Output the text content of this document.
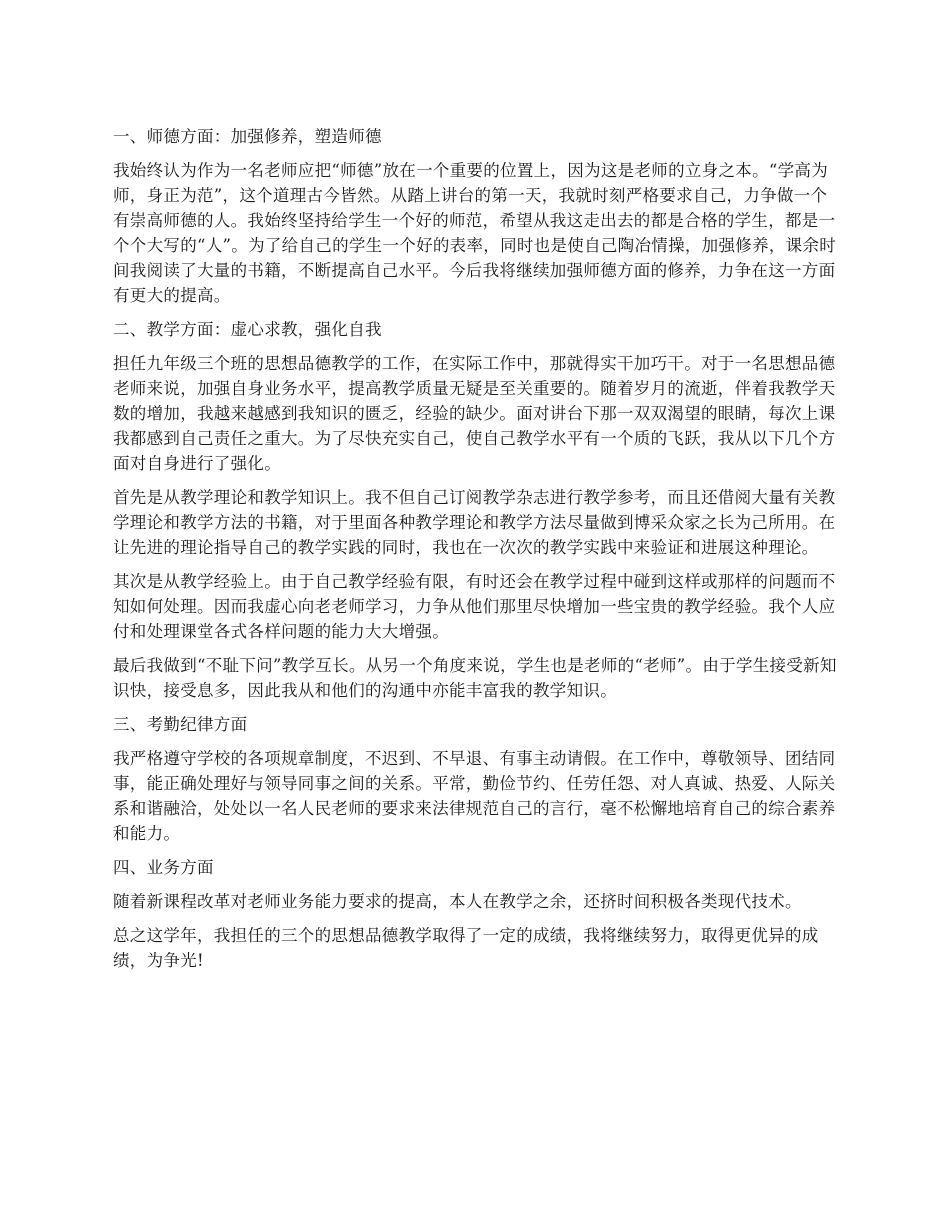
一、师德方面：加强修养，塑造师德
我始终认为作为一名老师应把“师德”放在一个重要的位置上，因为这是老师的立身之本。“学高为师，身正为范”，这个道理古今皆然。从踏上讲台的第一天，我就时刻严格要求自己，力争做一个有崇高师德的人。我始终坚持给学生一个好的师范，希望从我这走出去的都是合格的学生，都是一个个大写的“人”。为了给自己的学生一个好的表率，同时也是使自己陶冶情操，加强修养，课余时间我阅读了大量的书籍，不断提高自己水平。今后我将继续加强师德方面的修养，力争在这一方面有更大的提高。
二、教学方面：虚心求教，强化自我
担任九年级三个班的思想品德教学的工作，在实际工作中，那就得实干加巧干。对于一名思想品德老师来说，加强自身业务水平，提高教学质量无疑是至关重要的。随着岁月的流逝，伴着我教学天数的增加，我越来越感到我知识的匮乏，经验的缺少。面对讲台下那一双双渴望的眼睛，每次上课我都感到自己责任之重大。为了尽快充实自己，使自己教学水平有一个质的飞跃，我从以下几个方面对自身进行了强化。
首先是从教学理论和教学知识上。我不但自己订阅教学杂志进行教学参考，而且还借阅大量有关教学理论和教学方法的书籍，对于里面各种教学理论和教学方法尽量做到博采众家之长为己所用。在让先进的理论指导自己的教学实践的同时，我也在一次次的教学实践中来验证和进展这种理论。
其次是从教学经验上。由于自己教学经验有限，有时还会在教学过程中碰到这样或那样的问题而不知如何处理。因而我虚心向老老师学习，力争从他们那里尽快增加一些宝贵的教学经验。我个人应付和处理课堂各式各样问题的能力大大增强。
最后我做到“不耻下问”教学互长。从另一个角度来说，学生也是老师的“老师”。由于学生接受新知识快，接受息多，因此我从和他们的沟通中亦能丰富我的教学知识。
三、考勤纪律方面
我严格遵守学校的各项规章制度，不迟到、不早退、有事主动请假。在工作中，尊敬领导、团结同事，能正确处理好与领导同事之间的关系。平常，勤俭节约、任劳任怨、对人真诚、热爱、人际关系和谐融洽，处处以一名人民老师的要求来法律规范自己的言行，毫不松懈地培育自己的综合素养和能力。
四、业务方面
随着新课程改革对老师业务能力要求的提高，本人在教学之余，还挤时间积极各类现代技术。
总之这学年，我担任的三个的思想品德教学取得了一定的成绩，我将继续努力，取得更优异的成绩，为争光!
